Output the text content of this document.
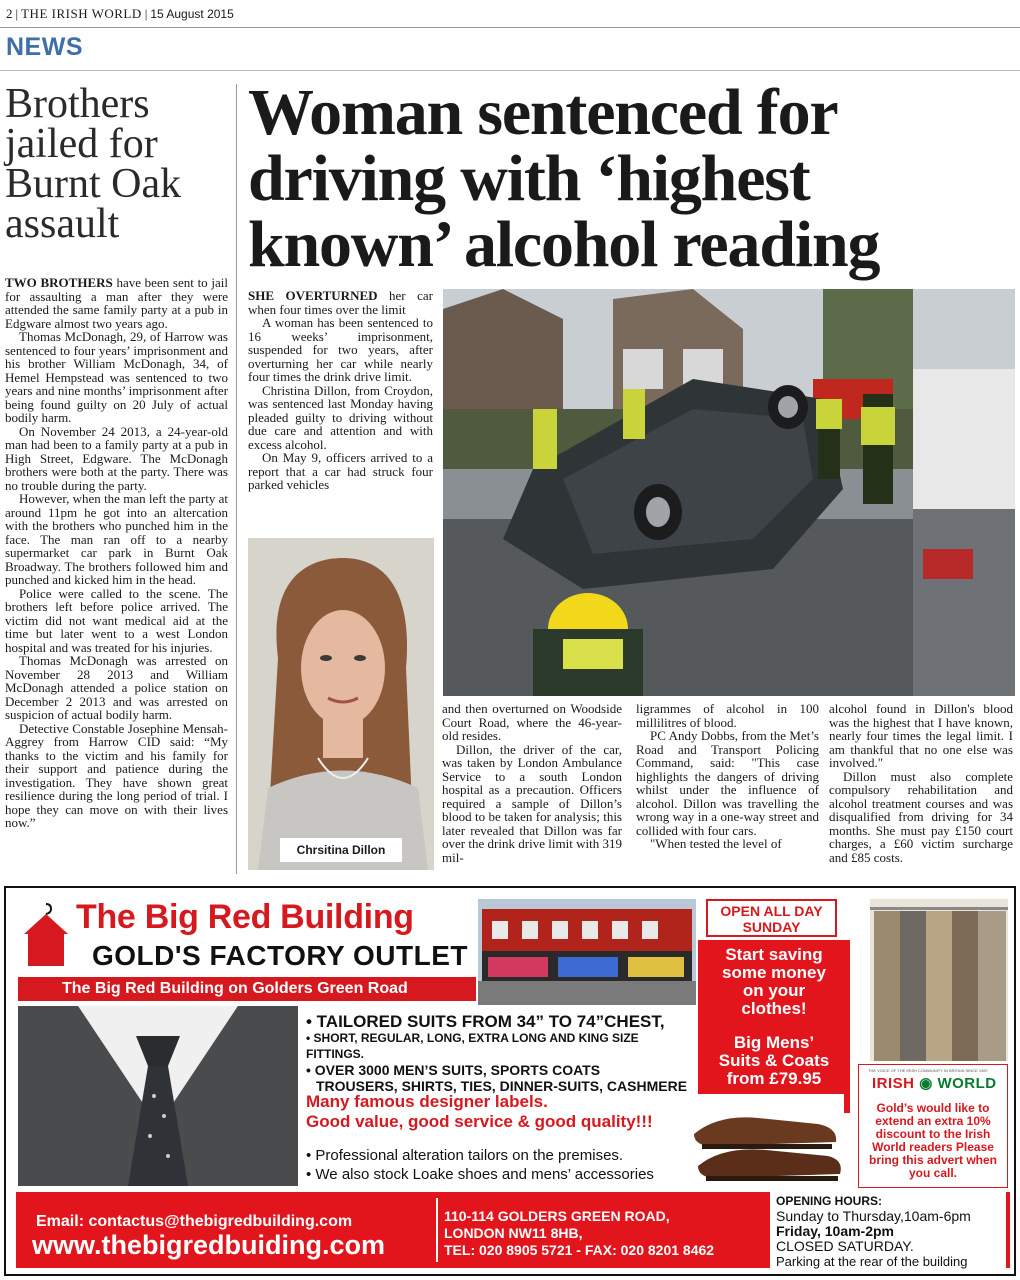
2 | THE IRISH WORLD | 15 August 2015
NEWS
Brothers
jailed for
Burnt Oak
assault

TWO BROTHERS have been sent to jail for assaulting a man after they were attended the same family party at a pub in Edgware almost two years ago.

Thomas McDonagh, 29, of Harrow was sentenced to four years’ imprisonment and his brother William McDonagh, 34, of Hemel Hempstead was sentenced to two years and nine months’ imprisonment after being found guilty on 20 July of actual bodily harm.

On November 24 2013, a 24-year-old man had been to a family party at a pub in High Street, Edgware. The McDonagh brothers were both at the party. There was no trouble during the party.

However, when the man left the party at around 11pm he got into an altercation with the brothers who punched him in the face. The man ran off to a nearby supermarket car park in Burnt Oak Broadway. The brothers followed him and punched and kicked him in the head.

Police were called to the scene. The brothers left before police arrived. The victim did not want medical aid at the time but later went to a west London hospital and was treated for his injuries.

Thomas McDonagh was arrested on November 28 2013 and William McDonagh attended a police station on December 2 2013 and was arrested on suspicion of actual bodily harm.

Detective Constable Josephine Mensah-Aggrey from Harrow CID said: “My thanks to the victim and his family for their support and patience during the investigation. They have shown great resilience during the long period of trial. I hope they can move on with their lives now.”

Woman sentenced for
driving with ‘highest
known’ alcohol reading

SHE OVERTURNED her car when four times over the limit

A woman has been sentenced to 16 weeks’ imprisonment, suspended for two years, after overturning her car while nearly four times the drink drive limit.

Christina Dillon, from Croydon, was sentenced last Monday having pleaded guilty to driving without due care and attention and with excess alcohol.

On May 9, officers arrived to a report that a car had struck four parked vehicles

Chrsitina Dillon

and then overturned on Woodside Court Road, where the 46-year-old resides.

Dillon, the driver of the car, was taken by London Ambulance Service to a south London hospital as a precaution. Officers required a sample of Dillon’s blood to be taken for analysis; this later revealed that Dillon was far over the drink drive limit with 319 mil-

ligrammes of alcohol in 100 millilitres of blood.

PC Andy Dobbs, from the Met’s Road and Transport Policing Command, said: "This case highlights the dangers of driving whilst under the influence of alcohol. Dillon was travelling the wrong way in a one-way street and collided with four cars.

"When tested the level of

alcohol found in Dillon's blood was the highest that I have known, nearly four times the legal limit. I am thankful that no one else was involved."

Dillon must also complete compulsory rehabilitation and alcohol treatment courses and was disqualified from driving for 34 months. She must pay £150 court charges, a £60 victim surcharge and £85 costs.

The Big Red Building
GOLD'S FACTORY OUTLET
The Big Red Building on Golders Green Road
OPEN ALL DAY
SUNDAY
Start saving
some money
on your
clothes!
Big Mens’
Suits & Coats
from £79.95
• TAILORED SUITS FROM 34” TO 74”CHEST,
• SHORT, REGULAR, LONG, EXTRA LONG AND KING SIZE FITTINGS.
• OVER 3000 MEN’S SUITS, SPORTS COATS
TROUSERS, SHIRTS, TIES, DINNER-SUITS, CASHMERE
Many famous designer labels.
Good value, good service & good quality!!!
• Professional alteration tailors on the premises.
• We also stock Loake shoes and mens’ accessories
THE VOICE OF THE IRISH COMMUNITY IN BRITAIN SINCE 1987
IRISH ◉ WORLD
Gold’s would like to extend an extra 10% discount to the Irish World readers Please bring this advert when you call.
Email: contactus@thebigredbuilding.com
www.thebigredbuiding.com
110-114 GOLDERS GREEN ROAD,
LONDON NW11 8HB,
TEL: 020 8905 5721 - FAX: 020 8201 8462
OPENING HOURS:
Sunday to Thursday,10am-6pm
Friday, 10am-2pm
CLOSED SATURDAY.
Parking at the rear of the building
